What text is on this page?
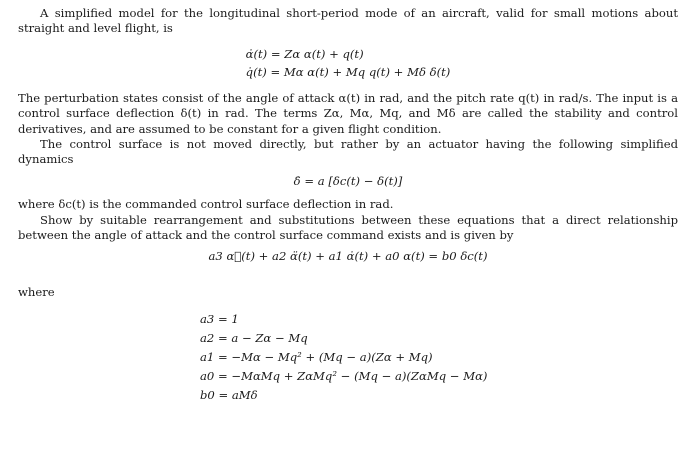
A simplified model for the longitudinal short-period mode of an aircraft, valid for small motions about straight and level flight, is

α̇(t) = Zα α(t) + q(t)
q̇(t) = Mα α(t) + Mq q(t) + Mδ δ(t)

The perturbation states consist of the angle of attack α(t) in rad, and the pitch rate q(t) in rad/s. The input is a control surface deflection δ(t) in rad. The terms Zα, Mα, Mq, and Mδ are called the stability and control derivatives, and are assumed to be constant for a given flight condition.

The control surface is not moved directly, but rather by an actuator having the following simplified dynamics

δ̇ = a [δc(t) − δ(t)]

where δc(t) is the commanded control surface deflection in rad.

Show by suitable rearrangement and substitutions between these equations that a direct relationship between the angle of attack and the control surface command exists and is given by

a3 α⃛(t) + a2 α̈(t) + a1 α̇(t) + a0 α(t) = b0 δc(t)

where

a3 = 1
a2 = a − Zα − Mq
a1 = −Mα − Mq² + (Mq − a)(Zα + Mq)
a0 = −MαMq + ZαMq² − (Mq − a)(ZαMq − Mα)
b0 = aMδ
